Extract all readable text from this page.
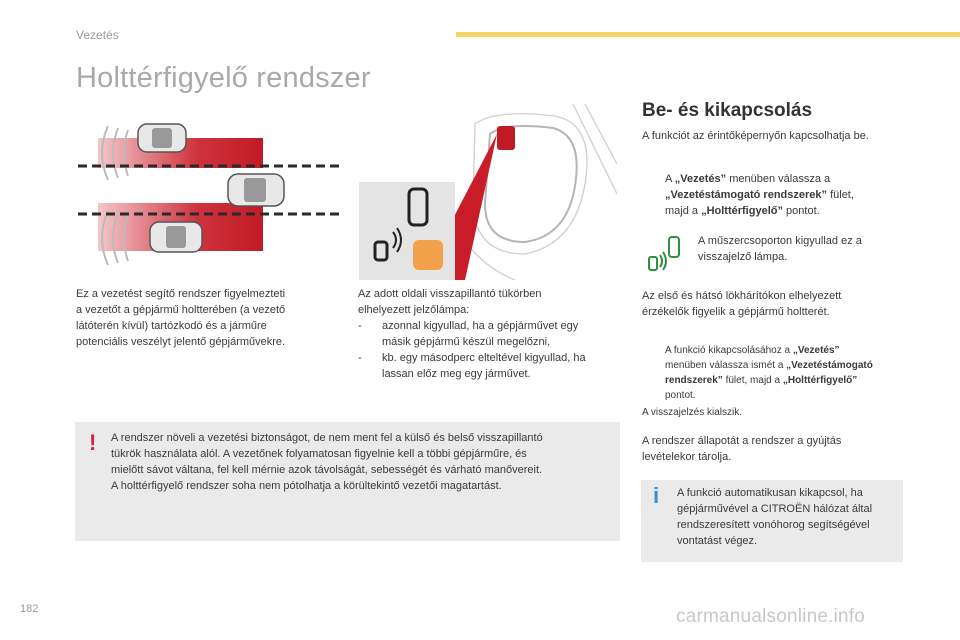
Vezetés
Holttérfigyelő rendszer
Ez a vezetést segítő rendszer figyelmezteti
a vezetőt a gépjármű holtterében (a vezető
látóterén kívül) tartózkodó és a járműre
potenciális veszélyt jelentő gépjárművekre.
Az adott oldali visszapillantó tükörben
elhelyezett jelzőlámpa:
- azonnal kigyullad, ha a gépjárművet egy
másik gépjármű készül megelőzni,
- kb. egy másodperc elteltével kigyullad, ha
lassan előz meg egy járművet.
! A rendszer növeli a vezetési biztonságot, de nem ment fel a külső és belső visszapillantó
tükrök használata alól. A vezetőnek folyamatosan figyelnie kell a többi gépjárműre, és
mielőtt sávot váltana, fel kell mérnie azok távolságát, sebességét és várható manővereit.
A holttérfigyelő rendszer soha nem pótolhatja a körültekintő vezetői magatartást.
Be- és kikapcsolás
A funkciót az érintőképernyőn kapcsolhatja be.
A „Vezetés” menüben válassza a
„Vezetéstámogató rendszerek” fület,
majd a „Holttérfigyelő” pontot.
A műszercsoporton kigyullad ez a
visszajelző lámpa.
Az első és hátsó lökhárítókon elhelyezett
érzékelők figyelik a gépjármű holtterét.
A funkció kikapcsolásához a „Vezetés”
menüben válassza ismét a „Vezetéstámogató
rendszerek” fület, majd a „Holttérfigyelő”
pontot.
A visszajelzés kialszik.
A rendszer állapotát a rendszer a gyújtás
levételekor tárolja.
i A funkció automatikusan kikapcsol, ha
gépjárművével a CITROËN hálózat által
rendszeresített vonóhorog segítségével
vontatást végez.
182	carmanualsonline.info
